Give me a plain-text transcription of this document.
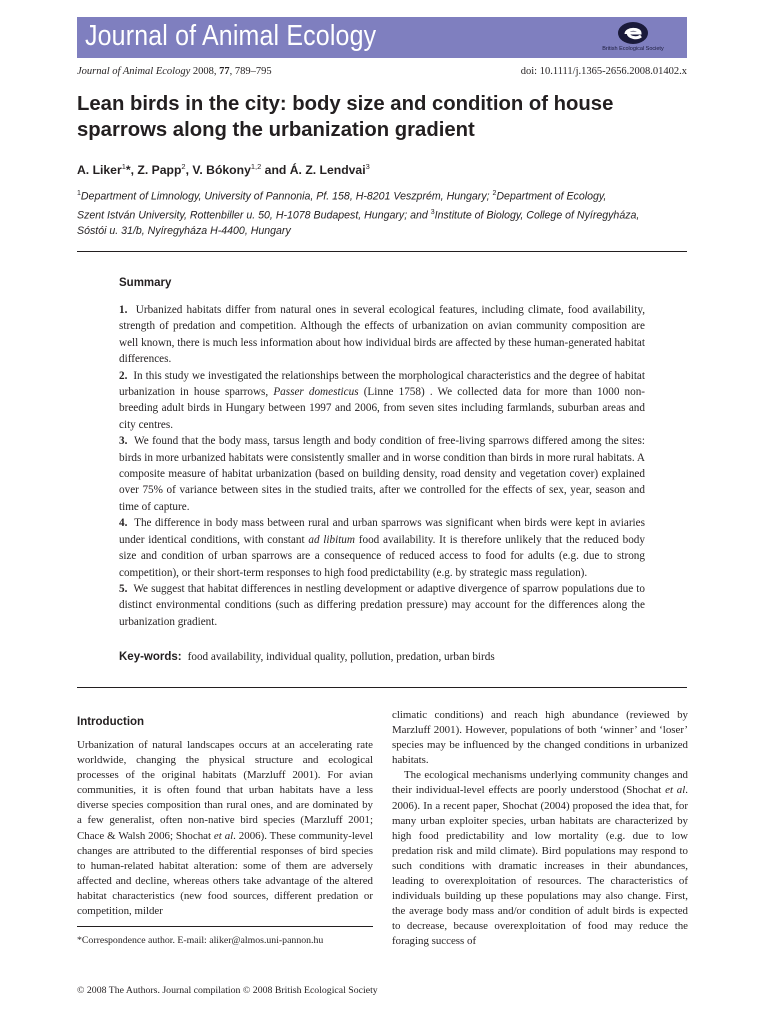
Journal of Animal Ecology	British Ecological Society
Journal of Animal Ecology 2008, 77, 789–795	doi: 10.1111/j.1365-2656.2008.01402.x
Lean birds in the city: body size and condition of house
sparrows along the urbanization gradient
A. Liker$^1$*, Z. Papp$^2$, V. Bókony$^{1,2}$ and Á. Z. Lendvai$^3$
$^1$Department of Limnology, University of Pannonia, Pf. 158, H-8201 Veszprém, Hungary; $^2$Department of Ecology,
Szent István University, Rottenbiller u. 50, H-1078 Budapest, Hungary; and $^3$Institute of Biology, College of Nyíregyháza,
Sóstói u. 31/b, Nyíregyháza H-4400, Hungary
Summary

1. Urbanized habitats differ from natural ones in several ecological features, including climate, food availability, strength of predation and competition. Although the effects of urbanization on avian community composition are well known, there is much less information about how individual birds are affected by these human-generated habitat differences.

2. In this study we investigated the relationships between the morphological characteristics and the degree of habitat urbanization in house sparrows, Passer domesticus (Linne 1758) . We collected data for more than 1000 non-breeding adult birds in Hungary between 1997 and 2006, from seven sites including farmlands, suburban areas and city centres.

3. We found that the body mass, tarsus length and body condition of free-living sparrows differed among the sites: birds in more urbanized habitats were consistently smaller and in worse condition than birds in more rural habitats. A composite measure of habitat urbanization (based on building density, road density and vegetation cover) explained over 75% of variance between sites in the studied traits, after we controlled for the effects of sex, year, season and time of capture.

4. The difference in body mass between rural and urban sparrows was significant when birds were kept in aviaries under identical conditions, with constant ad libitum food availability. It is therefore unlikely that the reduced body size and condition of urban sparrows are a consequence of reduced access to food for adults (e.g. due to strong competition), or their short-term responses to high food predictability (e.g. by strategic mass regulation).

5. We suggest that habitat differences in nestling development or adaptive divergence of sparrow populations due to distinct environmental conditions (such as differing predation pressure) may account for the differences along the urbanization gradient.

Key-words: food availability, individual quality, pollution, predation, urban birds
Introduction

Urbanization of natural landscapes occurs at an accelerating rate worldwide, changing the physical structure and ecological processes of the original habitats (Marzluff 2001). For avian communities, it is often found that urban habitats have a less diverse species composition than rural ones, and are dominated by a few generalist, often non-native bird species (Marzluff 2001; Chace & Walsh 2006; Shochat et al. 2006). These community-level changes are attributed to the differential responses of bird species to human-related habitat alteration: some of them are adversely affected and decline, whereas others take advantage of the altered habitat characteristics (new food sources, different predation or competition, milder

climatic conditions) and reach high abundance (reviewed by Marzluff 2001). However, populations of both ‘winner’ and ‘loser’ species may be influenced by the changed conditions in urbanized habitats.

The ecological mechanisms underlying community changes and their individual-level effects are poorly understood (Shochat et al. 2006). In a recent paper, Shochat (2004) proposed the idea that, for many urban exploiter species, urban habitats are characterized by high food predictability and low mortality (e.g. due to low predation risk and mild climate). Bird populations may respond to such conditions with dramatic increases in their abundances, leading to overexploitation of resources. The characteristics of individuals building up these populations may also change. First, the average body mass and/or condition of adult birds is expected to decrease, because overexploitation of food may reduce the foraging success of

*Correspondence author. E-mail: aliker@almos.uni-pannon.hu
© 2008 The Authors. Journal compilation © 2008 British Ecological Society
